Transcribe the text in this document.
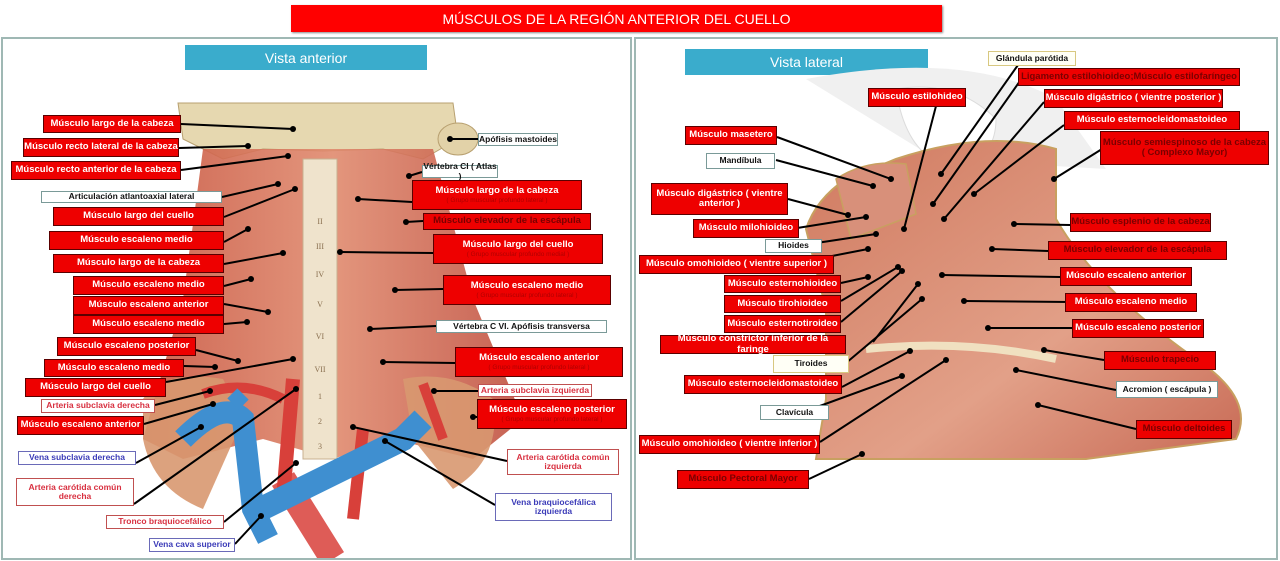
MÚSCULOS DE LA REGIÓN ANTERIOR DEL CUELLO
Vista anterior
II
III
IV
V
VI
VII
1
2
3
Músculo largo de la cabeza
Músculo recto lateral de la cabeza
Músculo recto anterior de la cabeza
Articulación atlantoaxial lateral
Músculo largo del cuello
Músculo escaleno medio
Músculo largo de la cabeza
Músculo escaleno medio
Músculo escaleno anterior
Músculo escaleno medio
Músculo escaleno posterior
Músculo escaleno medio
Músculo largo del cuello
Arteria subclavia derecha
Músculo escaleno anterior
Vena subclavia derecha
Arteria carótida común derecha
Tronco braquiocefálico
Vena cava superior
Apófisis mastoides
Vértebra CI ( Atlas )
Músculo largo de la cabeza
( Grupo muscular profundo lateral )
Músculo elevador de la escápula
Músculo largo del cuello
( Grupo muscular profundo medial )
Músculo escaleno medio
( Grupo muscular profundo lateral )
Vértebra C VI. Apófisis transversa
Músculo escaleno anterior
( Grupo muscular profundo lateral )
Arteria subclavia izquierda
Músculo escaleno posterior
( Grupo muscular profundo lateral )
Arteria carótida común izquierda
Vena braquiocefálica izquierda
Vista lateral
Músculo estilohideo
Músculo masetero
Mandíbula
Músculo digástrico ( vientre anterior )
Músculo milohioideo
Hioides
Músculo omohioideo ( vientre superior )
Músculo esternohioideo
Músculo tirohioideo
Músculo esternotiroideo
Músculo constrictor inferior de la faringe
Tiroides
Músculo esternocleidomastoideo
Clavícula
Músculo omohioideo ( vientre inferior )
Músculo Pectoral Mayor
Glándula parótida
Ligamento estilohioideo;Músculo estilofaríngeo
Músculo digástrico ( vientre posterior )
Músculo esternocleidomastoideo
Músculo semiespinoso de la cabeza ( Complexo Mayor)
Músculo esplenio de la cabeza
Músculo elevador de la escápula
Músculo escaleno anterior
Músculo escaleno medio
Músculo escaleno posterior
Músculo trapecio
Acromion ( escápula )
Músculo deltoides
